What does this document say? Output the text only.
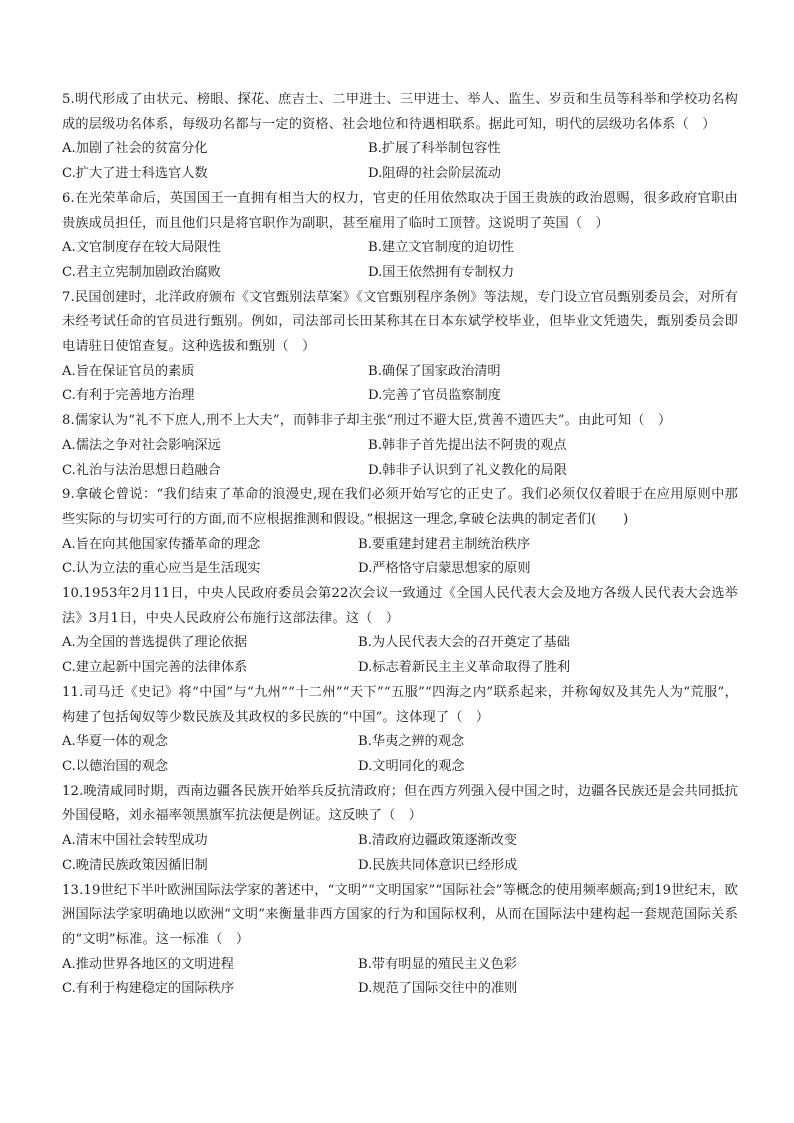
5.明代形成了由状元、榜眼、探花、庶吉士、二甲进士、三甲进士、举人、监生、岁贡和生员等科举和学校功名构成的层级功名体系，每级功名都与一定的资格、社会地位和待遇相联系。据此可知，明代的层级功名体系（　）

A.加剧了社会的贫富分化	B.扩展了科举制包容性
C.扩大了进士科选官人数	D.阻碍的社会阶层流动

6.在光荣革命后，英国国王一直拥有相当大的权力，官吏的任用依然取决于国王贵族的政治恩赐，很多政府官职由贵族成员担任，而且他们只是将官职作为副职，甚至雇用了临时工顶替。这说明了英国（　）

A.文官制度存在较大局限性	B.建立文官制度的迫切性
C.君主立宪制加剧政治腐败	D.国王依然拥有专制权力

7.民国创建时，北洋政府颁布《文官甄别法草案》《文官甄别程序条例》等法规，专门设立官员甄别委员会，对所有未经考试任命的官员进行甄别。例如，司法部司长田某称其在日本东斌学校毕业，但毕业文凭遗失，甄别委员会即电请驻日使馆查复。这种选拔和甄别（　）

A.旨在保证官员的素质	B.确保了国家政治清明
C.有利于完善地方治理	D.完善了官员监察制度

8.儒家认为“礼不下庶人,刑不上大夫”，而韩非子却主张“刑过不避大臣,赏善不遗匹夫”。由此可知（　）

A.儒法之争对社会影响深远	B.韩非子首先提出法不阿贵的观点
C.礼治与法治思想日趋融合	D.韩非子认识到了礼义教化的局限

9.拿破仑曾说：“我们结束了革命的浪漫史,现在我们必须开始写它的正史了。我们必须仅仅着眼于在应用原则中那些实际的与切实可行的方面,而不应根据推测和假设。”根据这一理念,拿破仑法典的制定者们(　　)

A.旨在向其他国家传播革命的理念	B.要重建封建君主制统治秩序
C.认为立法的重心应当是生活现实	D.严格恪守启蒙思想家的原则

10.1953年2月11日，中央人民政府委员会第22次会议一致通过《全国人民代表大会及地方各级人民代表大会选举法》3月1日，中央人民政府公布施行这部法律。这（　）

A.为全国的普选提供了理论依据	B.为人民代表大会的召开奠定了基础
C.建立起新中国完善的法律体系	D.标志着新民主主义革命取得了胜利

11.司马迁《史记》将“中国”与“九州”“十二州”“天下”“五服”“四海之内”联系起来，并称匈奴及其先人为“荒服”，构建了包括匈奴等少数民族及其政权的多民族的“中国”。这体现了（　）

A.华夏一体的观念	B.华夷之辨的观念
C.以德治国的观念	D.文明同化的观念

12.晚清咸同时期，西南边疆各民族开始举兵反抗清政府；但在西方列强入侵中国之时，边疆各民族还是会共同抵抗外国侵略，刘永福率领黑旗军抗法便是例证。这反映了（　）

A.清末中国社会转型成功	B.清政府边疆政策逐渐改变
C.晚清民族政策因循旧制	D.民族共同体意识已经形成

13.19世纪下半叶欧洲国际法学家的著述中，“文明”“文明国家”“国际社会”等概念的使用频率颇高;到19世纪末，欧洲国际法学家明确地以欧洲“文明”来衡量非西方国家的行为和国际权利，从而在国际法中建构起一套规范国际关系的“文明”标准。这一标准（　）

A.推动世界各地区的文明进程	B.带有明显的殖民主义色彩
C.有利于构建稳定的国际秩序	D.规范了国际交往中的准则
